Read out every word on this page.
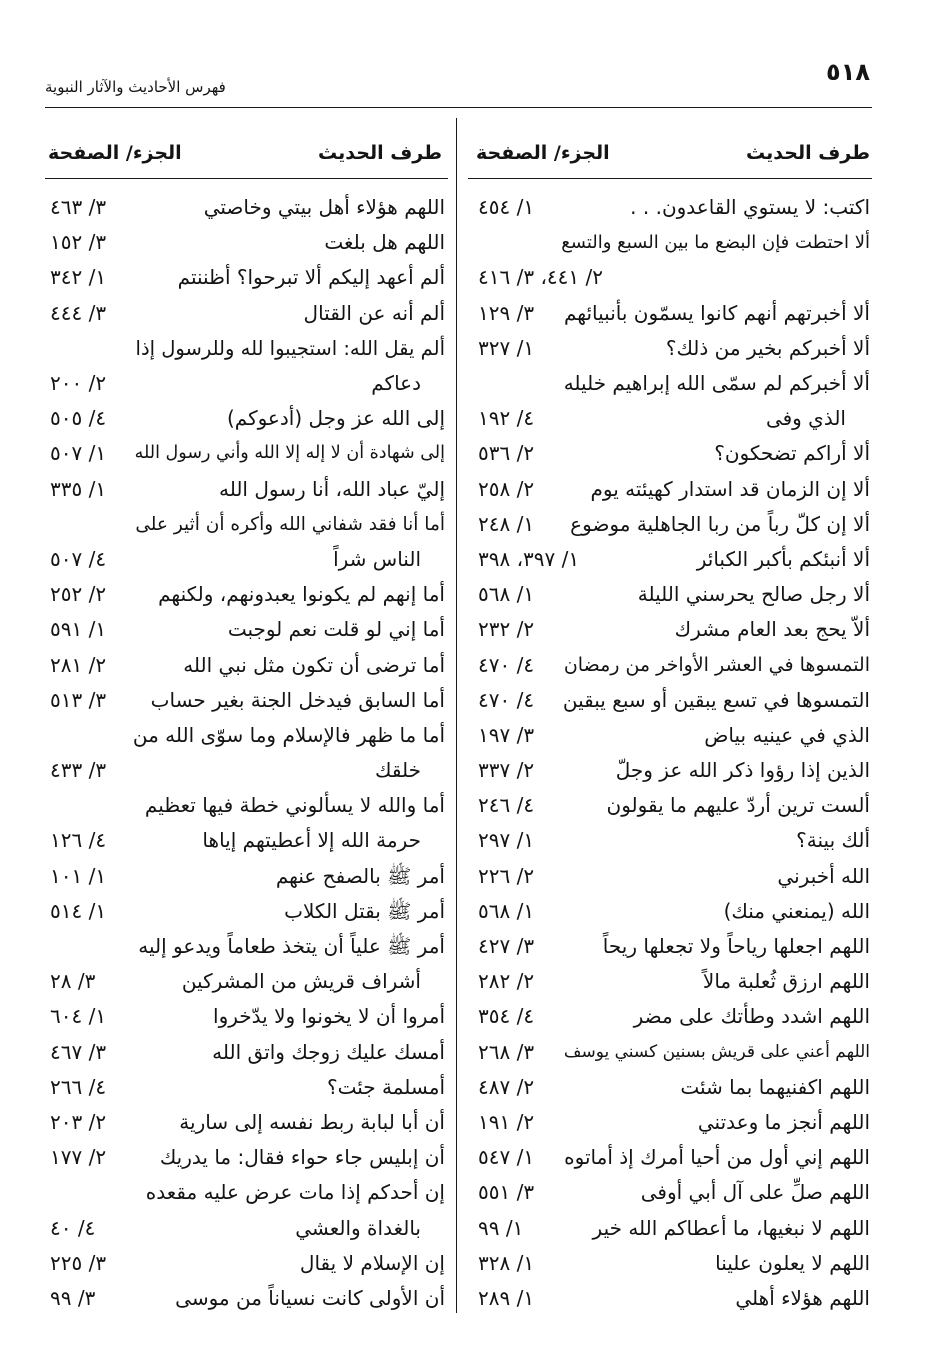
٥١٨
فهرس الأحاديث والآثار النبوية
طرف الحديث
الجزء/ الصفحة
اكتب: لا يستوي القاعدون. . .
١/ ٤٥٤
ألا احتطت فإن البضع ما بين السبع والتسع
٢/ ٤٤١، ٣/ ٤١٦
ألا أخبرتهم أنهم كانوا يسمّون بأنبيائهم
٣/ ١٢٩
ألا أخبركم بخير من ذلك؟
١/ ٣٢٧
ألا أخبركم لم سمّى الله إبراهيم خليله
الذي وفى
٤/ ١٩٢
ألا أراكم تضحكون؟
٢/ ٥٣٦
ألا إن الزمان قد استدار كهيئته يوم
٢/ ٢٥٨
ألا إن كلّ رباً من ربا الجاهلية موضوع
١/ ٢٤٨
ألا أنبئكم بأكبر الكبائر
١/ ٣٩٧، ٣٩٨
ألا رجل صالح يحرسني الليلة
١/ ٥٦٨
ألاّ يحج بعد العام مشرك
٢/ ٢٣٢
التمسوها في العشر الأواخر من رمضان
٤/ ٤٧٠
التمسوها في تسع يبقين أو سبع يبقين
٤/ ٤٧٠
الذي في عينيه بياض
٣/ ١٩٧
الذين إذا رؤوا ذكر الله عز وجلّ
٢/ ٣٣٧
ألست ترين أردّ عليهم ما يقولون
٤/ ٢٤٦
ألك بينة؟
١/ ٢٩٧
الله أخبرني
٢/ ٢٢٦
الله (يمنعني منك)
١/ ٥٦٨
اللهم اجعلها رياحاً ولا تجعلها ريحاً
٣/ ٤٢٧
اللهم ارزق ثُعلبة مالاً
٢/ ٢٨٢
اللهم اشدد وطأتك على مضر
٤/ ٣٥٤
اللهم أعني على قريش بسنين كسني يوسف
٣/ ٢٦٨
اللهم اكفنيهما بما شئت
٢/ ٤٨٧
اللهم أنجز ما وعدتني
٢/ ١٩١
اللهم إني أول من أحيا أمرك إذ أماتوه
١/ ٥٤٧
اللهم صلِّ على آل أبي أوفى
٣/ ٥٥١
اللهم لا نبغيها، ما أعطاكم الله خير
١/ ٩٩
اللهم لا يعلون علينا
١/ ٣٢٨
اللهم هؤلاء أهلي
١/ ٢٨٩
طرف الحديث
الجزء/ الصفحة
اللهم هؤلاء أهل بيتي وخاصتي
٣/ ٤٦٣
اللهم هل بلغت
٣/ ١٥٢
ألم أعهد إليكم ألا تبرحوا؟ أظننتم
١/ ٣٤٢
ألم أنه عن القتال
٣/ ٤٤٤
ألم يقل الله: استجيبوا لله وللرسول إذا
دعاكم
٢/ ٢٠٠
إلى الله عز وجل (أدعوكم)
٤/ ٥٠٥
إلى شهادة أن لا إله إلا الله وأني رسول الله
١/ ٥٠٧
إليّ عباد الله، أنا رسول الله
١/ ٣٣٥
أما أنا فقد شفاني الله وأكره أن أثير على
الناس شراً
٤/ ٥٠٧
أما إنهم لم يكونوا يعبدونهم، ولكنهم
٢/ ٢٥٢
أما إني لو قلت نعم لوجبت
١/ ٥٩١
أما ترضى أن تكون مثل نبي الله
٢/ ٢٨١
أما السابق فيدخل الجنة بغير حساب
٣/ ٥١٣
أما ما ظهر فالإسلام وما سوّى الله من
خلقك
٣/ ٤٣٣
أما والله لا يسألوني خطة فيها تعظيم
حرمة الله إلا أعطيتهم إياها
٤/ ١٢٦
أمر ﷺ بالصفح عنهم
١/ ١٠١
أمر ﷺ بقتل الكلاب
١/ ٥١٤
أمر ﷺ علياً أن يتخذ طعاماً ويدعو إليه
أشراف قريش من المشركين
٣/ ٢٨
أمروا أن لا يخونوا ولا يدّخروا
١/ ٦٠٤
أمسك عليك زوجك واتق الله
٣/ ٤٦٧
أمسلمة جئت؟
٤/ ٢٦٦
أن أبا لبابة ربط نفسه إلى سارية
٢/ ٢٠٣
أن إبليس جاء حواء فقال: ما يدريك
٢/ ١٧٧
إن أحدكم إذا مات عرض عليه مقعده
بالغداة والعشي
٤/ ٤٠
إن الإسلام لا يقال
٣/ ٢٢٥
أن الأولى كانت نسياناً من موسى
٣/ ٩٩
